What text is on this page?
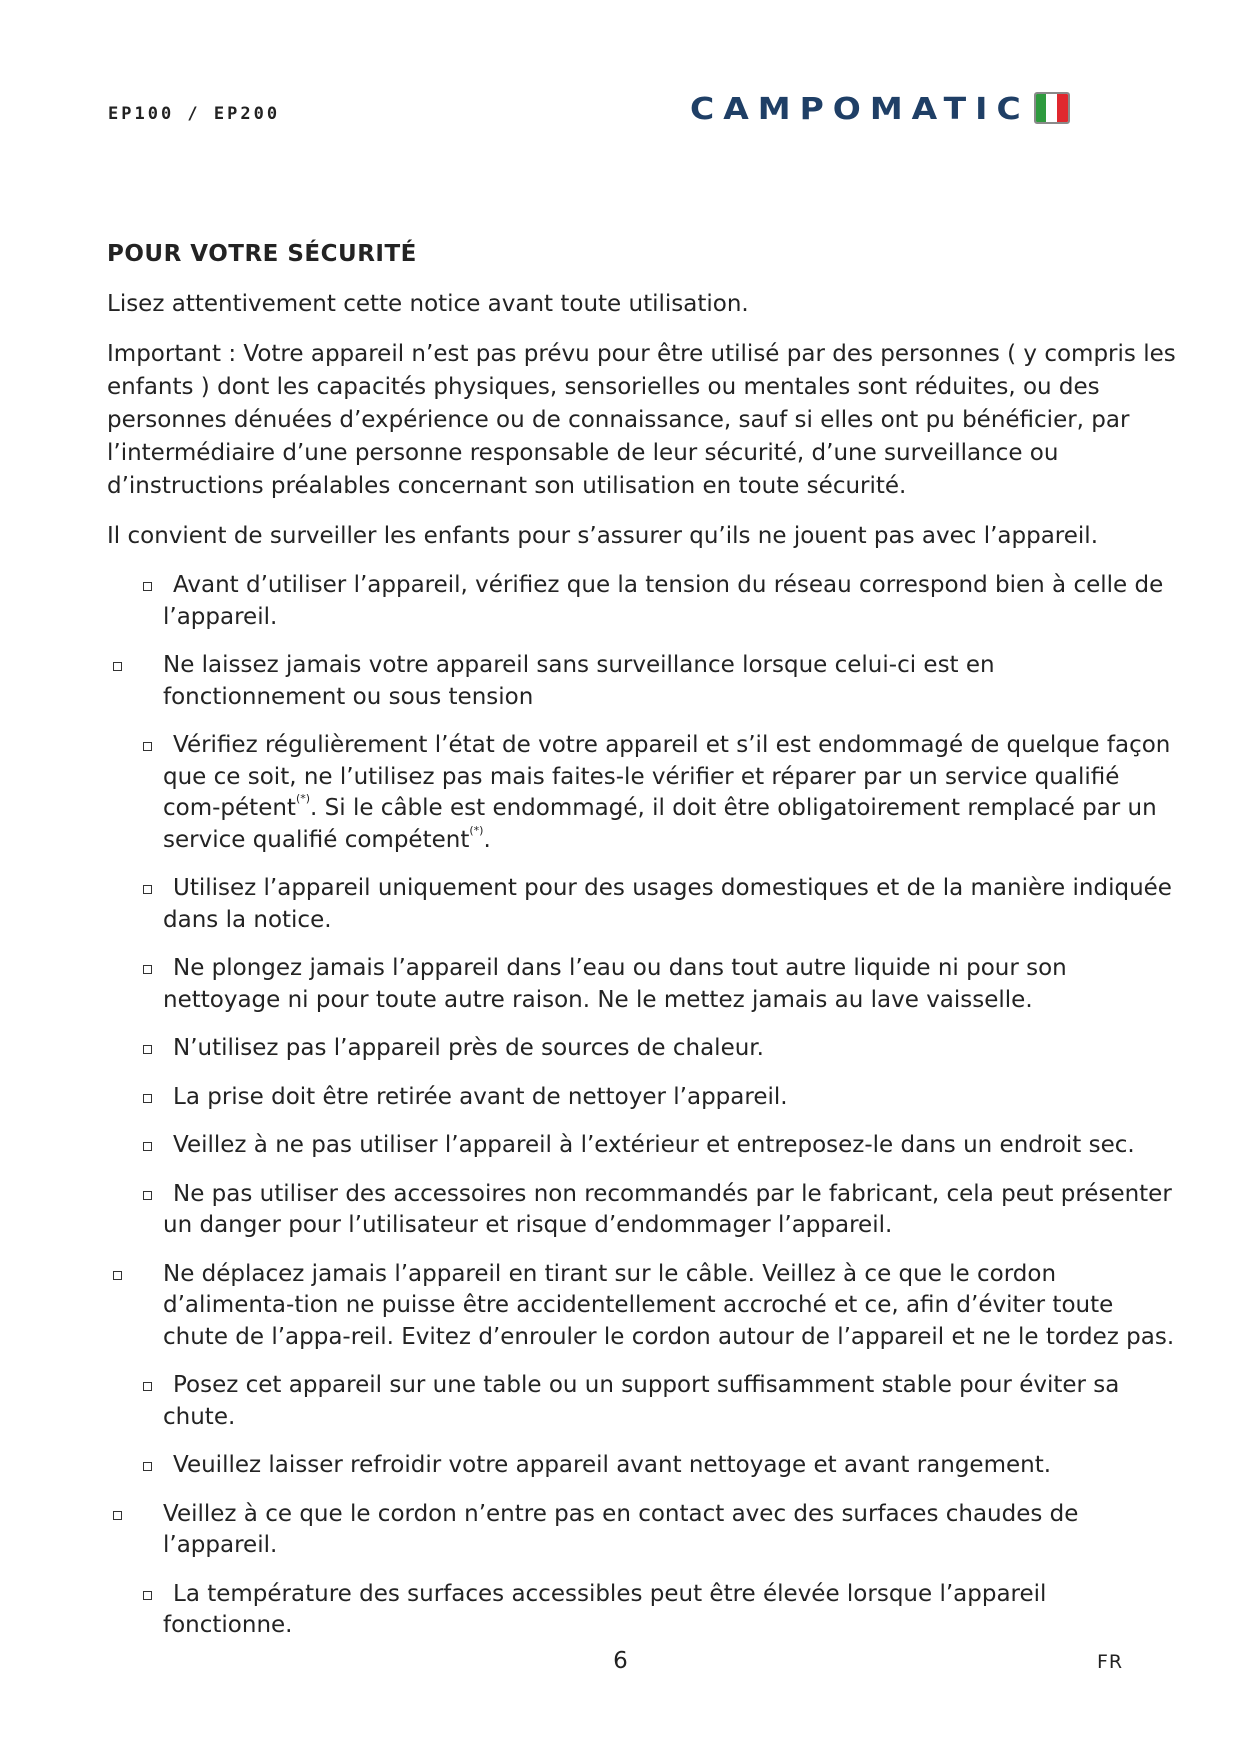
EP100 / EP200	CAMPOMATIC
POUR VOTRE SÉCURITÉ

Lisez attentivement cette notice avant toute utilisation.

Important : Votre appareil n’est pas prévu pour être utilisé par des personnes ( y compris les enfants ) dont les capacités physiques, sensorielles ou mentales sont réduites, ou des personnes dénuées d’expérience ou de connaissance, sauf si elles ont pu bénéficier, par l’intermédiaire d’une personne responsable de leur sécurité, d’une surveillance ou d’instructions préalables concernant son utilisation en toute sécurité.

Il convient de surveiller les enfants pour s’assurer qu’ils ne jouent pas avec l’appareil.

Avant d’utiliser l’appareil, vérifiez que la tension du réseau correspond bien à celle de l’appareil.
Ne laissez jamais votre appareil sans surveillance lorsque celui-ci est en fonctionnement ou sous tension
Vérifiez régulièrement l’état de votre appareil et s’il est endommagé de quelque façon que ce soit, ne l’utilisez pas mais faites-le vérifier et réparer par un service qualifié com-pétent(*). Si le câble est endommagé, il doit être obligatoirement remplacé par un service qualifié compétent(*).
Utilisez l’appareil uniquement pour des usages domestiques et de la manière indiquée dans la notice.
Ne plongez jamais l’appareil dans l’eau ou dans tout autre liquide ni pour son nettoyage ni pour toute autre raison. Ne le mettez jamais au lave vaisselle.
N’utilisez pas l’appareil près de sources de chaleur.
La prise doit être retirée avant de nettoyer l’appareil.
Veillez à ne pas utiliser l’appareil à l’extérieur et entreposez-le dans un endroit sec.
Ne pas utiliser des accessoires non recommandés par le fabricant, cela peut présenter un danger pour l’utilisateur et risque d’endommager l’appareil.
Ne déplacez jamais l’appareil en tirant sur le câble. Veillez à ce que le cordon d’alimenta-tion ne puisse être accidentellement accroché et ce, afin d’éviter toute chute de l’appa-reil. Evitez d’enrouler le cordon autour de l’appareil et ne le tordez pas.
Posez cet appareil sur une table ou un support suffisamment stable pour éviter sa chute.
Veuillez laisser refroidir votre appareil avant nettoyage et avant rangement.
Veillez à ce que le cordon n’entre pas en contact avec des surfaces chaudes de l’appareil.
La température des surfaces accessibles peut être élevée lorsque l’appareil fonctionne.
6	FR
